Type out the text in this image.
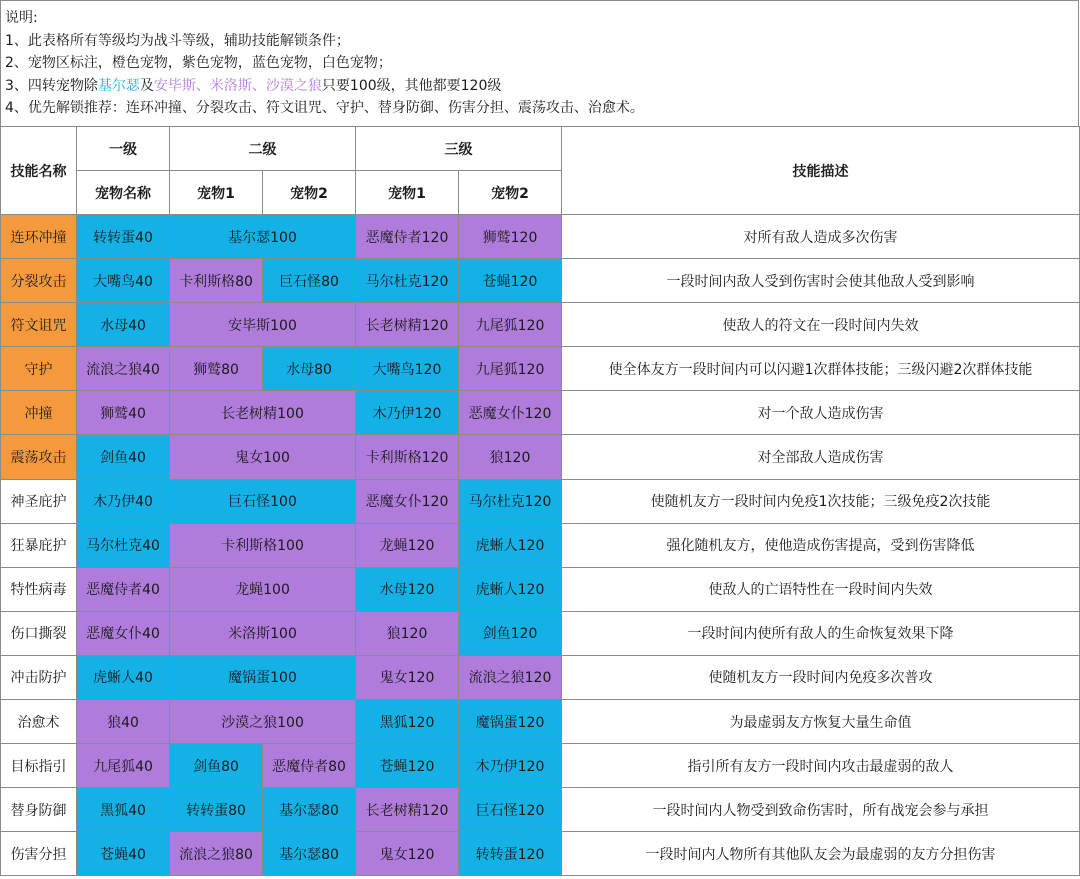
说明:
1、此表格所有等级均为战斗等级，辅助技能解锁条件；
2、宠物区标注，橙色宠物，紫色宠物，蓝色宠物，白色宠物；
3、四转宠物除基尔瑟及安毕斯、米洛斯、沙漠之狼只要100级，其他都要120级
4、优先解锁推荐：连环冲撞、分裂攻击、符文诅咒、守护、替身防御、伤害分担、震荡攻击、治愈术。
技能名称	一级	二级		三级		技能描述
	宠物名称	宠物1	宠物2	宠物1	宠物2	
连环冲撞	转转蛋40	基尔瑟100		恶魔侍者120	狮鹫120	对所有敌人造成多次伤害
分裂攻击	大嘴鸟40	卡利斯格80	巨石怪80	马尔杜克120	苍蝇120	一段时间内敌人受到伤害时会使其他敌人受到影响
符文诅咒	水母40	安毕斯100		长老树精120	九尾狐120	使敌人的符文在一段时间内失效
守护	流浪之狼40	狮鹫80	水母80	大嘴鸟120	九尾狐120	使全体友方一段时间内可以闪避1次群体技能；三级闪避2次群体技能
冲撞	狮鹫40	长老树精100		木乃伊120	恶魔女仆120	对一个敌人造成伤害
震荡攻击	剑鱼40	鬼女100		卡利斯格120	狼120	对全部敌人造成伤害
神圣庇护	木乃伊40	巨石怪100		恶魔女仆120	马尔杜克120	使随机友方一段时间内免疫1次技能；三级免疫2次技能
狂暴庇护	马尔杜克40	卡利斯格100		龙蝇120	虎蜥人120	强化随机友方，使他造成伤害提高，受到伤害降低
特性病毒	恶魔侍者40	龙蝇100		水母120	虎蜥人120	使敌人的亡语特性在一段时间内失效
伤口撕裂	恶魔女仆40	米洛斯100		狼120	剑鱼120	一段时间内使所有敌人的生命恢复效果下降
冲击防护	虎蜥人40	魔锅蛋100		鬼女120	流浪之狼120	使随机友方一段时间内免疫多次普攻
治愈术	狼40	沙漠之狼100		黑狐120	魔锅蛋120	为最虚弱友方恢复大量生命值
目标指引	九尾狐40	剑鱼80	恶魔侍者80	苍蝇120	木乃伊120	指引所有友方一段时间内攻击最虚弱的敌人
替身防御	黑狐40	转转蛋80	基尔瑟80	长老树精120	巨石怪120	一段时间内人物受到致命伤害时，所有战宠会参与承担
伤害分担	苍蝇40	流浪之狼80	基尔瑟80	鬼女120	转转蛋120	一段时间内人物所有其他队友会为最虚弱的友方分担伤害
